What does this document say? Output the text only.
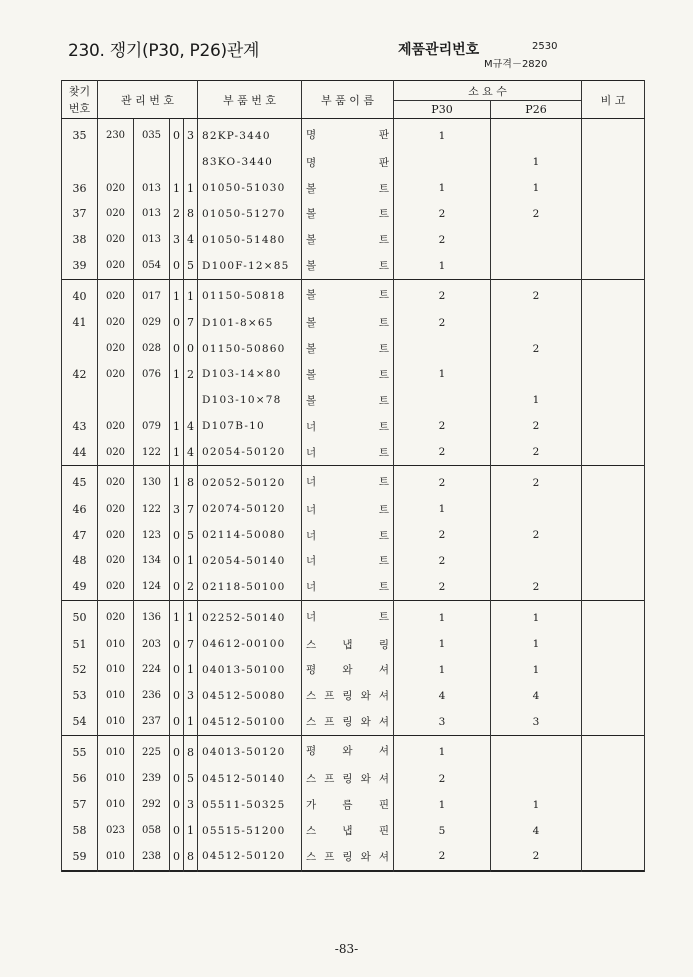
230. 쟁기(P30, P26)관계	제품관리번호	2530
M규격－2820
찾기
번호	관 리 번 호				부 품 번 호	부 품 이 름	소 요 수		비 고
							P30	P26	
35	230	035	0	3	82KP-3440	명 판	1		
					83KO-3440	명 판		1	
36	020	013	1	1	01050-51030	볼 트	1	1	
37	020	013	2	8	01050-51270	볼 트	2	2	
38	020	013	3	4	01050-51480	볼 트	2		
39	020	054	0	5	D100F-12×85	볼 트	1		
40	020	017	1	1	01150-50818	볼 트	2	2	
41	020	029	0	7	D101-8×65	볼 트	2		
	020	028	0	0	01150-50860	볼 트		2	
42	020	076	1	2	D103-14×80	볼 트	1		
					D103-10×78	볼 트		1	
43	020	079	1	4	D107B-10	너 트	2	2	
44	020	122	1	4	02054-50120	너 트	2	2	
45	020	130	1	8	02052-50120	너 트	2	2	
46	020	122	3	7	02074-50120	너 트	1		
47	020	123	0	5	02114-50080	너 트	2	2	
48	020	134	0	1	02054-50140	너 트	2		
49	020	124	0	2	02118-50100	너 트	2	2	
50	020	136	1	1	02252-50140	너 트	1	1	
51	010	203	0	7	04612-00100	스 냅 링	1	1	
52	010	224	0	1	04013-50100	평 와 셔	1	1	
53	010	236	0	3	04512-50080	스 프 링 와 셔	4	4	
54	010	237	0	1	04512-50100	스 프 링 와 셔	3	3	
55	010	225	0	8	04013-50120	평 와 셔	1		
56	010	239	0	5	04512-50140	스 프 링 와 셔	2		
57	010	292	0	3	05511-50325	가 름 핀	1	1	
58	023	058	0	1	05515-51200	스 냅 핀	5	4	
59	010	238	0	8	04512-50120	스 프 링 와 셔	2	2	

-83-
